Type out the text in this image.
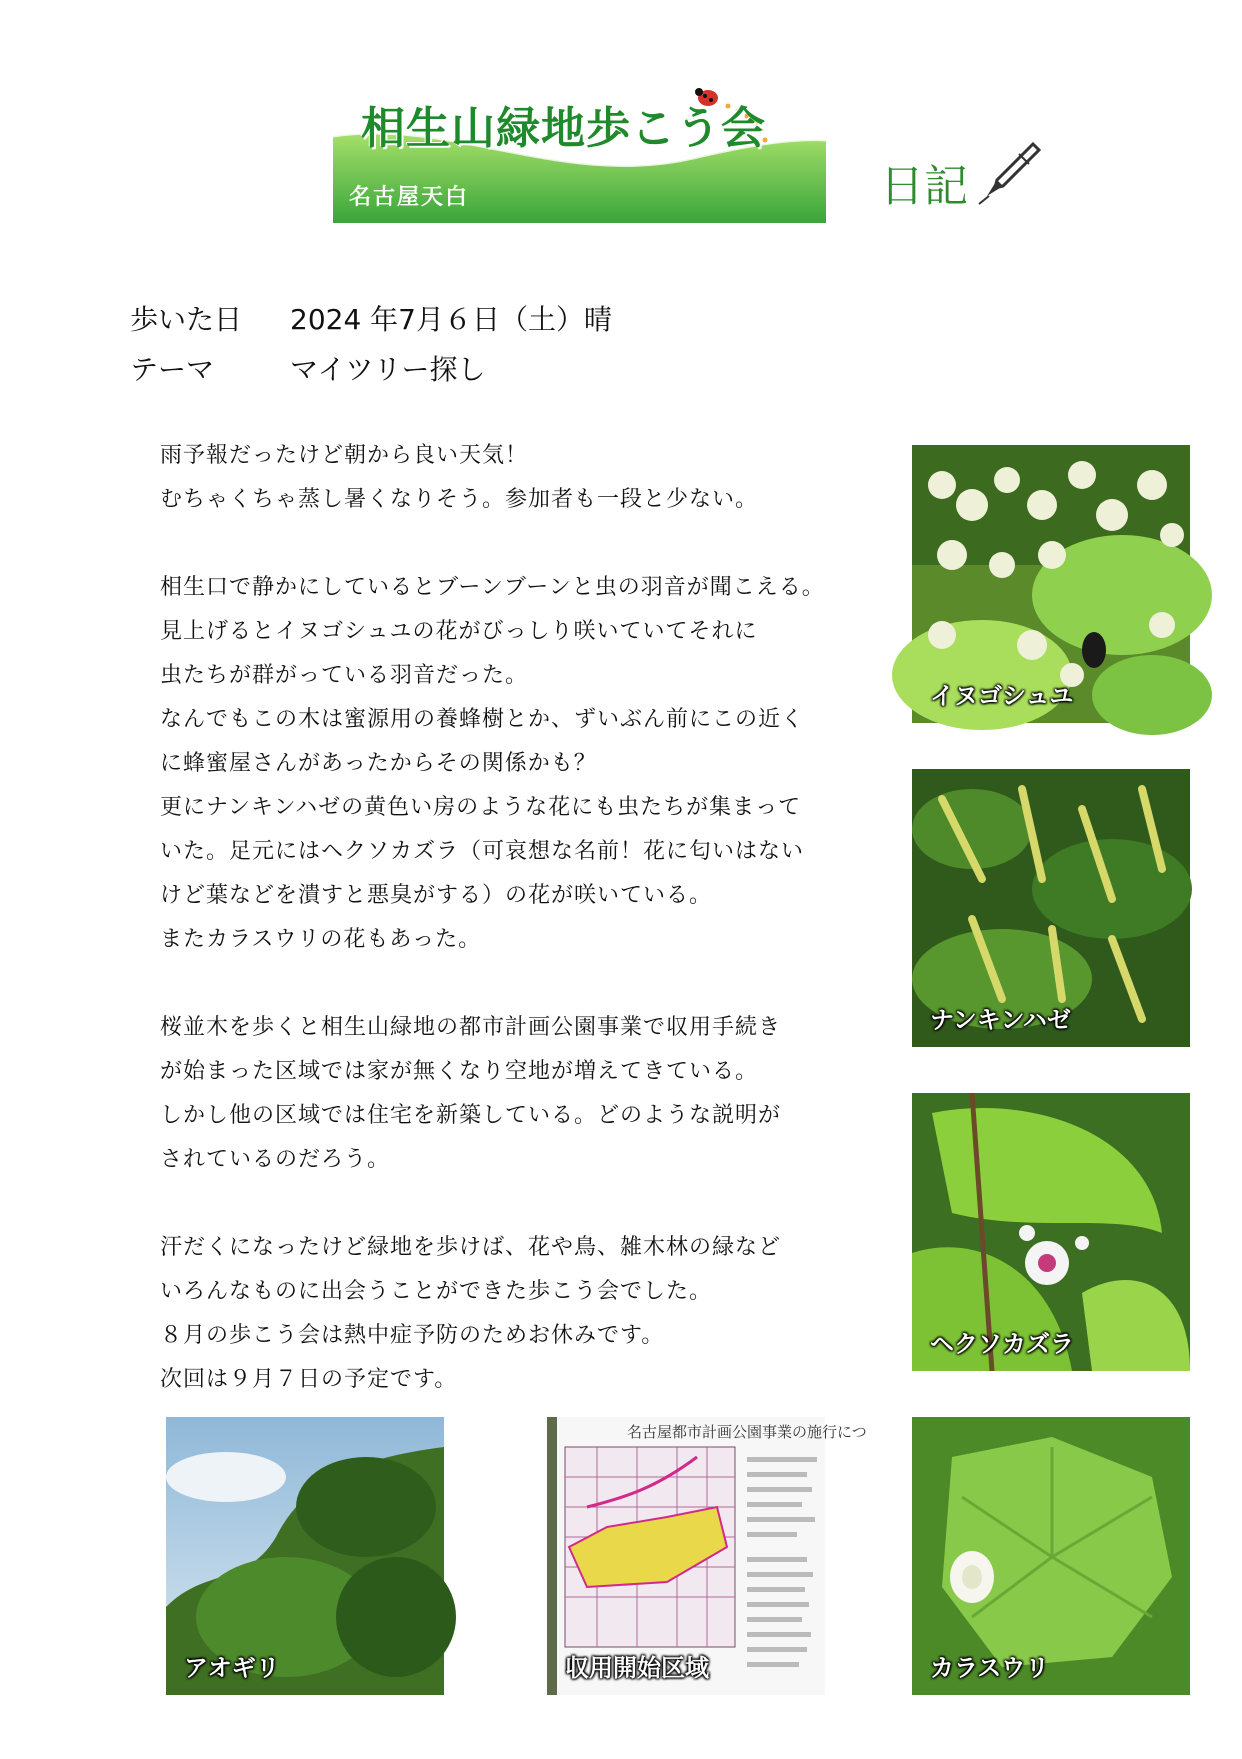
相生山緑地歩こう会
名古屋天白	日記
歩いた日 2024 年7月６日（土）晴
テーマ	マイツリー探し

雨予報だったけど朝から良い天気！
むちゃくちゃ蒸し暑くなりそう。参加者も一段と少ない。

相生口で静かにしているとブーンブーンと虫の羽音が聞こえる。
見上げるとイヌゴシュユの花がびっしり咲いていてそれに
虫たちが群がっている羽音だった。
なんでもこの木は蜜源用の養蜂樹とか、ずいぶん前にこの近く
に蜂蜜屋さんがあったからその関係かも？
更にナンキンハゼの黄色い房のような花にも虫たちが集まって
いた。足元にはヘクソカズラ（可哀想な名前！花に匂いはない
けど葉などを潰すと悪臭がする）の花が咲いている。
またカラスウリの花もあった。

桜並木を歩くと相生山緑地の都市計画公園事業で収用手続き
が始まった区域では家が無くなり空地が増えてきている。
しかし他の区域では住宅を新築している。どのような説明が
されているのだろう。

汗だくになったけど緑地を歩けば、花や鳥、雑木林の緑など
いろんなものに出会うことができた歩こう会でした。
８月の歩こう会は熱中症予防のためお休みです。
次回は９月７日の予定です。

イヌゴシュユ
ナンキンハゼ
ヘクソカズラ
カラスウリ
アオギリ
名古屋都市計画公園事業の施行につ
収用開始区域
